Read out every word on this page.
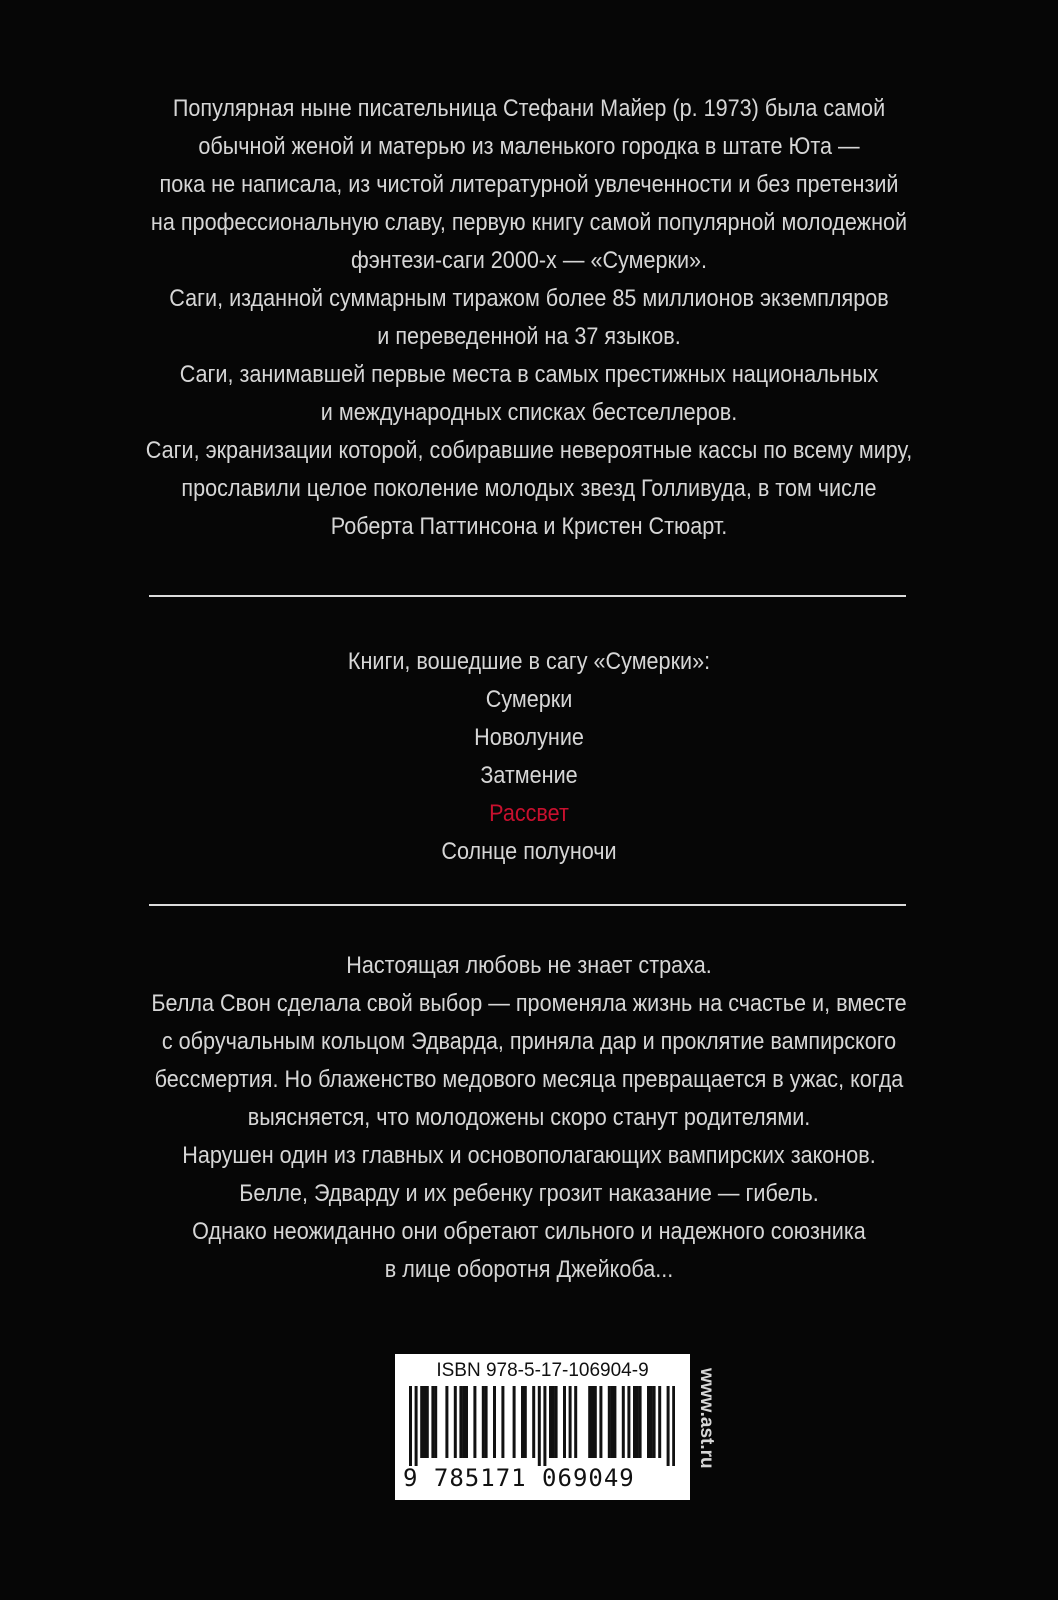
Популярная ныне писательница Стефани Майер (р. 1973) была самой
обычной женой и матерью из маленького городка в штате Юта —
пока не написала, из чистой литературной увлеченности и без претензий
на профессиональную славу, первую книгу самой популярной молодежной
фэнтези-саги 2000-х — «Сумерки».
Саги, изданной суммарным тиражом более 85 миллионов экземпляров
и переведенной на 37 языков.
Саги, занимавшей первые места в самых престижных национальных
и международных списках бестселлеров.
Саги, экранизации которой, собиравшие невероятные кассы по всему миру,
прославили целое поколение молодых звезд Голливуда, в том числе
Роберта Паттинсона и Кристен Стюарт.
Книги, вошедшие в сагу «Сумерки»:
Сумерки
Новолуние
Затмение
Рассвет
Солнце полуночи
Настоящая любовь не знает страха.
Белла Свон сделала свой выбор — променяла жизнь на счастье и, вместе
с обручальным кольцом Эдварда, приняла дар и проклятие вампирского
бессмертия. Но блаженство медового месяца превращается в ужас, когда
выясняется, что молодожены скоро станут родителями.
Нарушен один из главных и основополагающих вампирских законов.
Белле, Эдварду и их ребенку грозит наказание — гибель.
Однако неожиданно они обретают сильного и надежного союзника
в лице оборотня Джейкоба...
ISBN 978-5-17-106904-9
9 785171 069049
www.ast.ru
